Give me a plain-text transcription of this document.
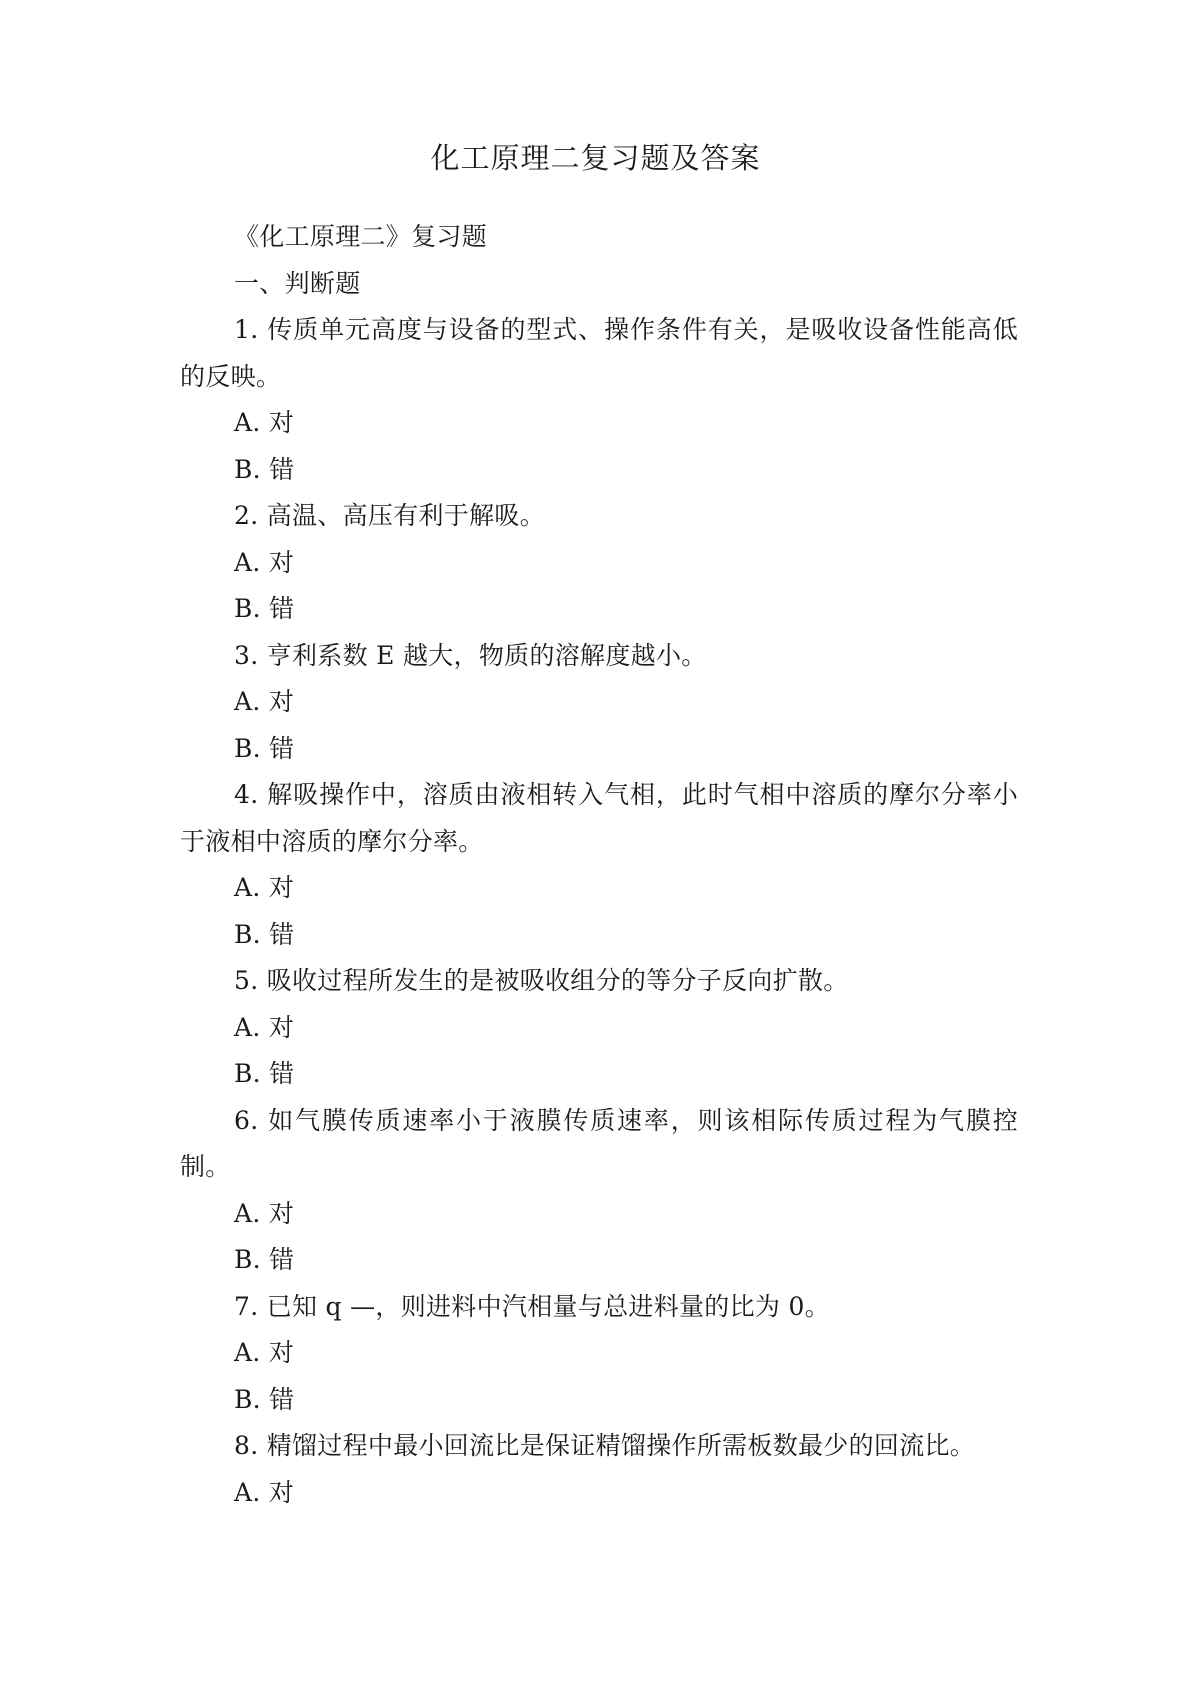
化工原理二复习题及答案
《化工原理二》复习题
一、判断题
1. 传质单元高度与设备的型式、操作条件有关，是吸收设备性能高低的反映。
A. 对
B. 错
2. 高温、高压有利于解吸。
A. 对
B. 错
3. 亨利系数 E 越大，物质的溶解度越小。
A. 对
B. 错
4. 解吸操作中，溶质由液相转入气相，此时气相中溶质的摩尔分率小于液相中溶质的摩尔分率。
A. 对
B. 错
5. 吸收过程所发生的是被吸收组分的等分子反向扩散。
A. 对
B. 错
6. 如气膜传质速率小于液膜传质速率，则该相际传质过程为气膜控制。
A. 对
B. 错
7. 已知 q —，则进料中汽相量与总进料量的比为 0。
A. 对
B. 错
8. 精馏过程中最小回流比是保证精馏操作所需板数最少的回流比。
A. 对
